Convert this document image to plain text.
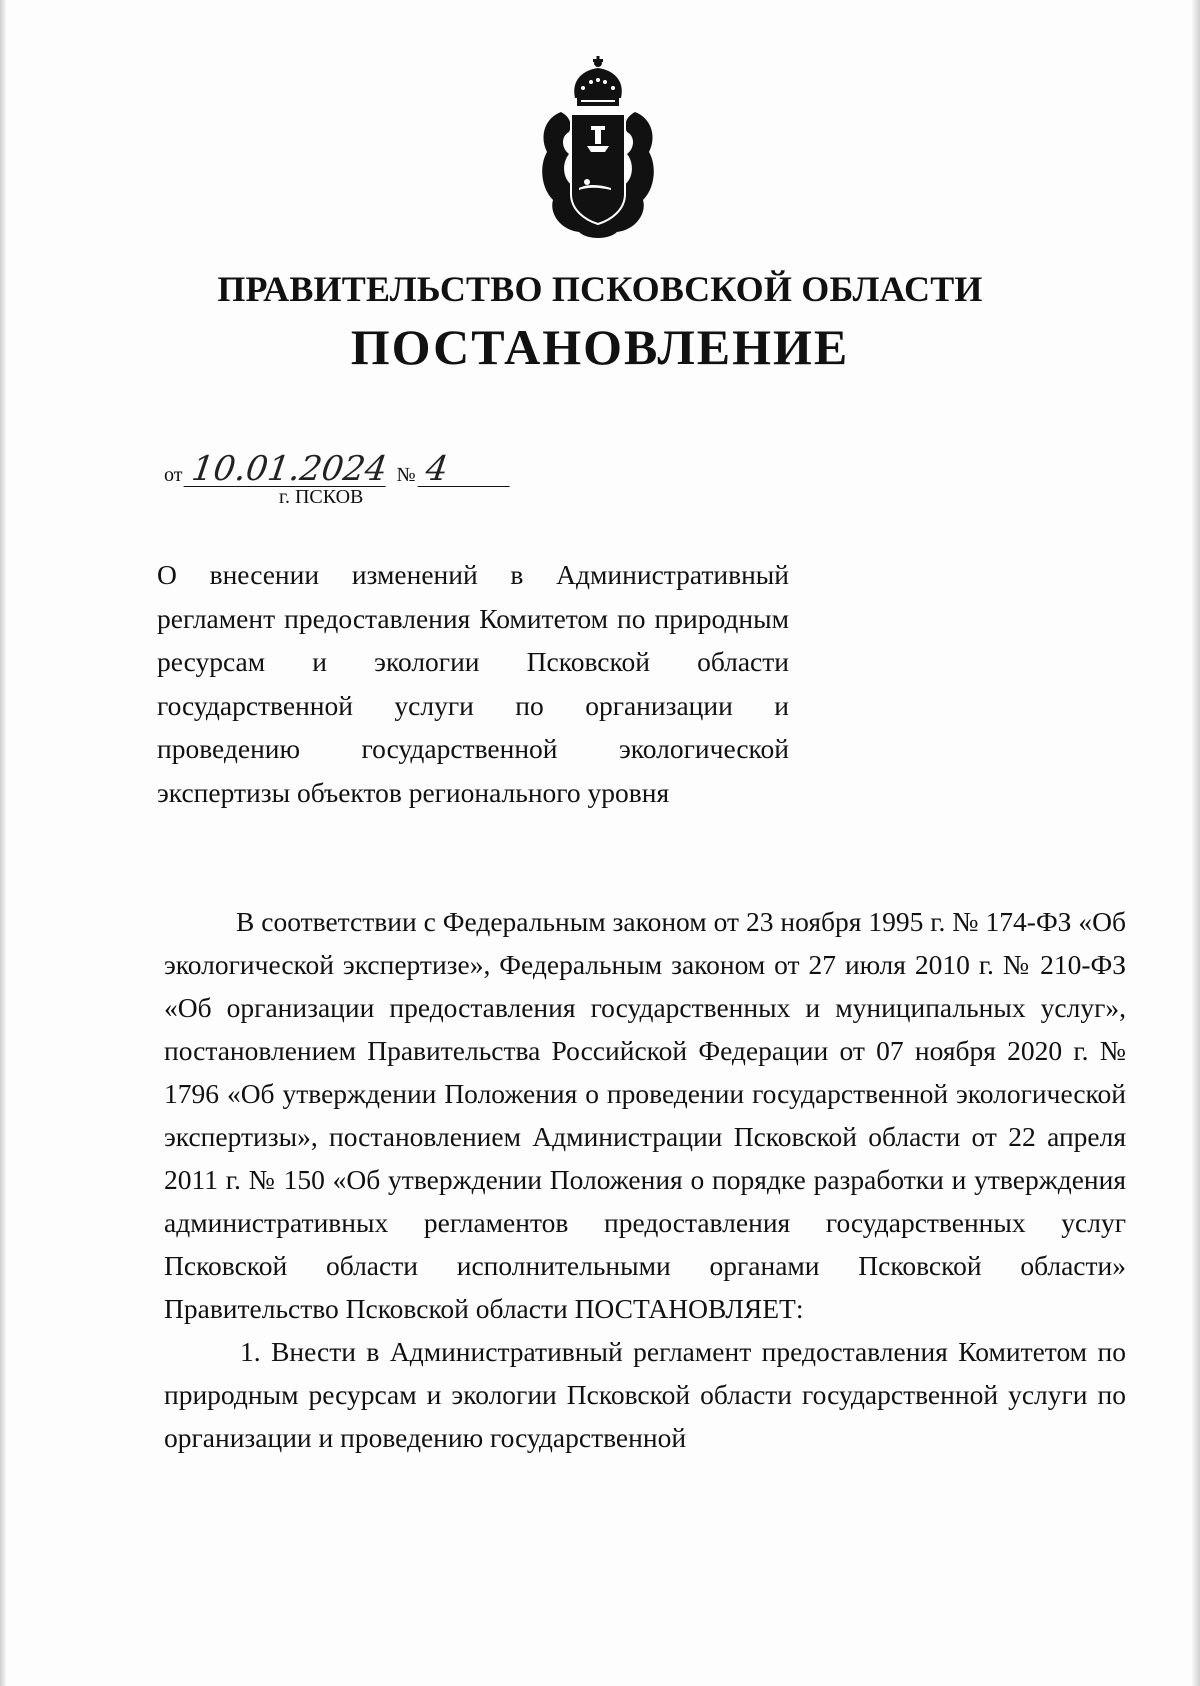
ПРАВИТЕЛЬСТВО ПСКОВСКОЙ ОБЛАСТИ
ПОСТАНОВЛЕНИЕ
от 10.01.2024 № 4
г. ПСКОВ
О внесении изменений в Административный регламент предоставления Комитетом по природным ресурсам и экологии Псковской области государственной услуги по организации и проведению государственной экологической экспертизы объектов регионального уровня

В соответствии с Федеральным законом от 23 ноября 1995 г. № 174-ФЗ «Об экологической экспертизе», Федеральным законом от 27 июля 2010 г. № 210-ФЗ «Об организации предоставления государственных и муниципальных услуг», постановлением Правительства Российской Федерации от 07 ноября 2020 г. № 1796 «Об утверждении Положения о проведении государственной экологической экспертизы», постановлением Администрации Псковской области от 22 апреля 2011 г. № 150 «Об утверждении Положения о порядке разработки и утверждения административных регламентов предоставления государственных услуг Псковской области исполнительными органами Псковской области» Правительство Псковской области ПОСТАНОВЛЯЕТ:

1. Внести в Административный регламент предоставления Комитетом по природным ресурсам и экологии Псковской области государственной услуги по организации и проведению государственной
